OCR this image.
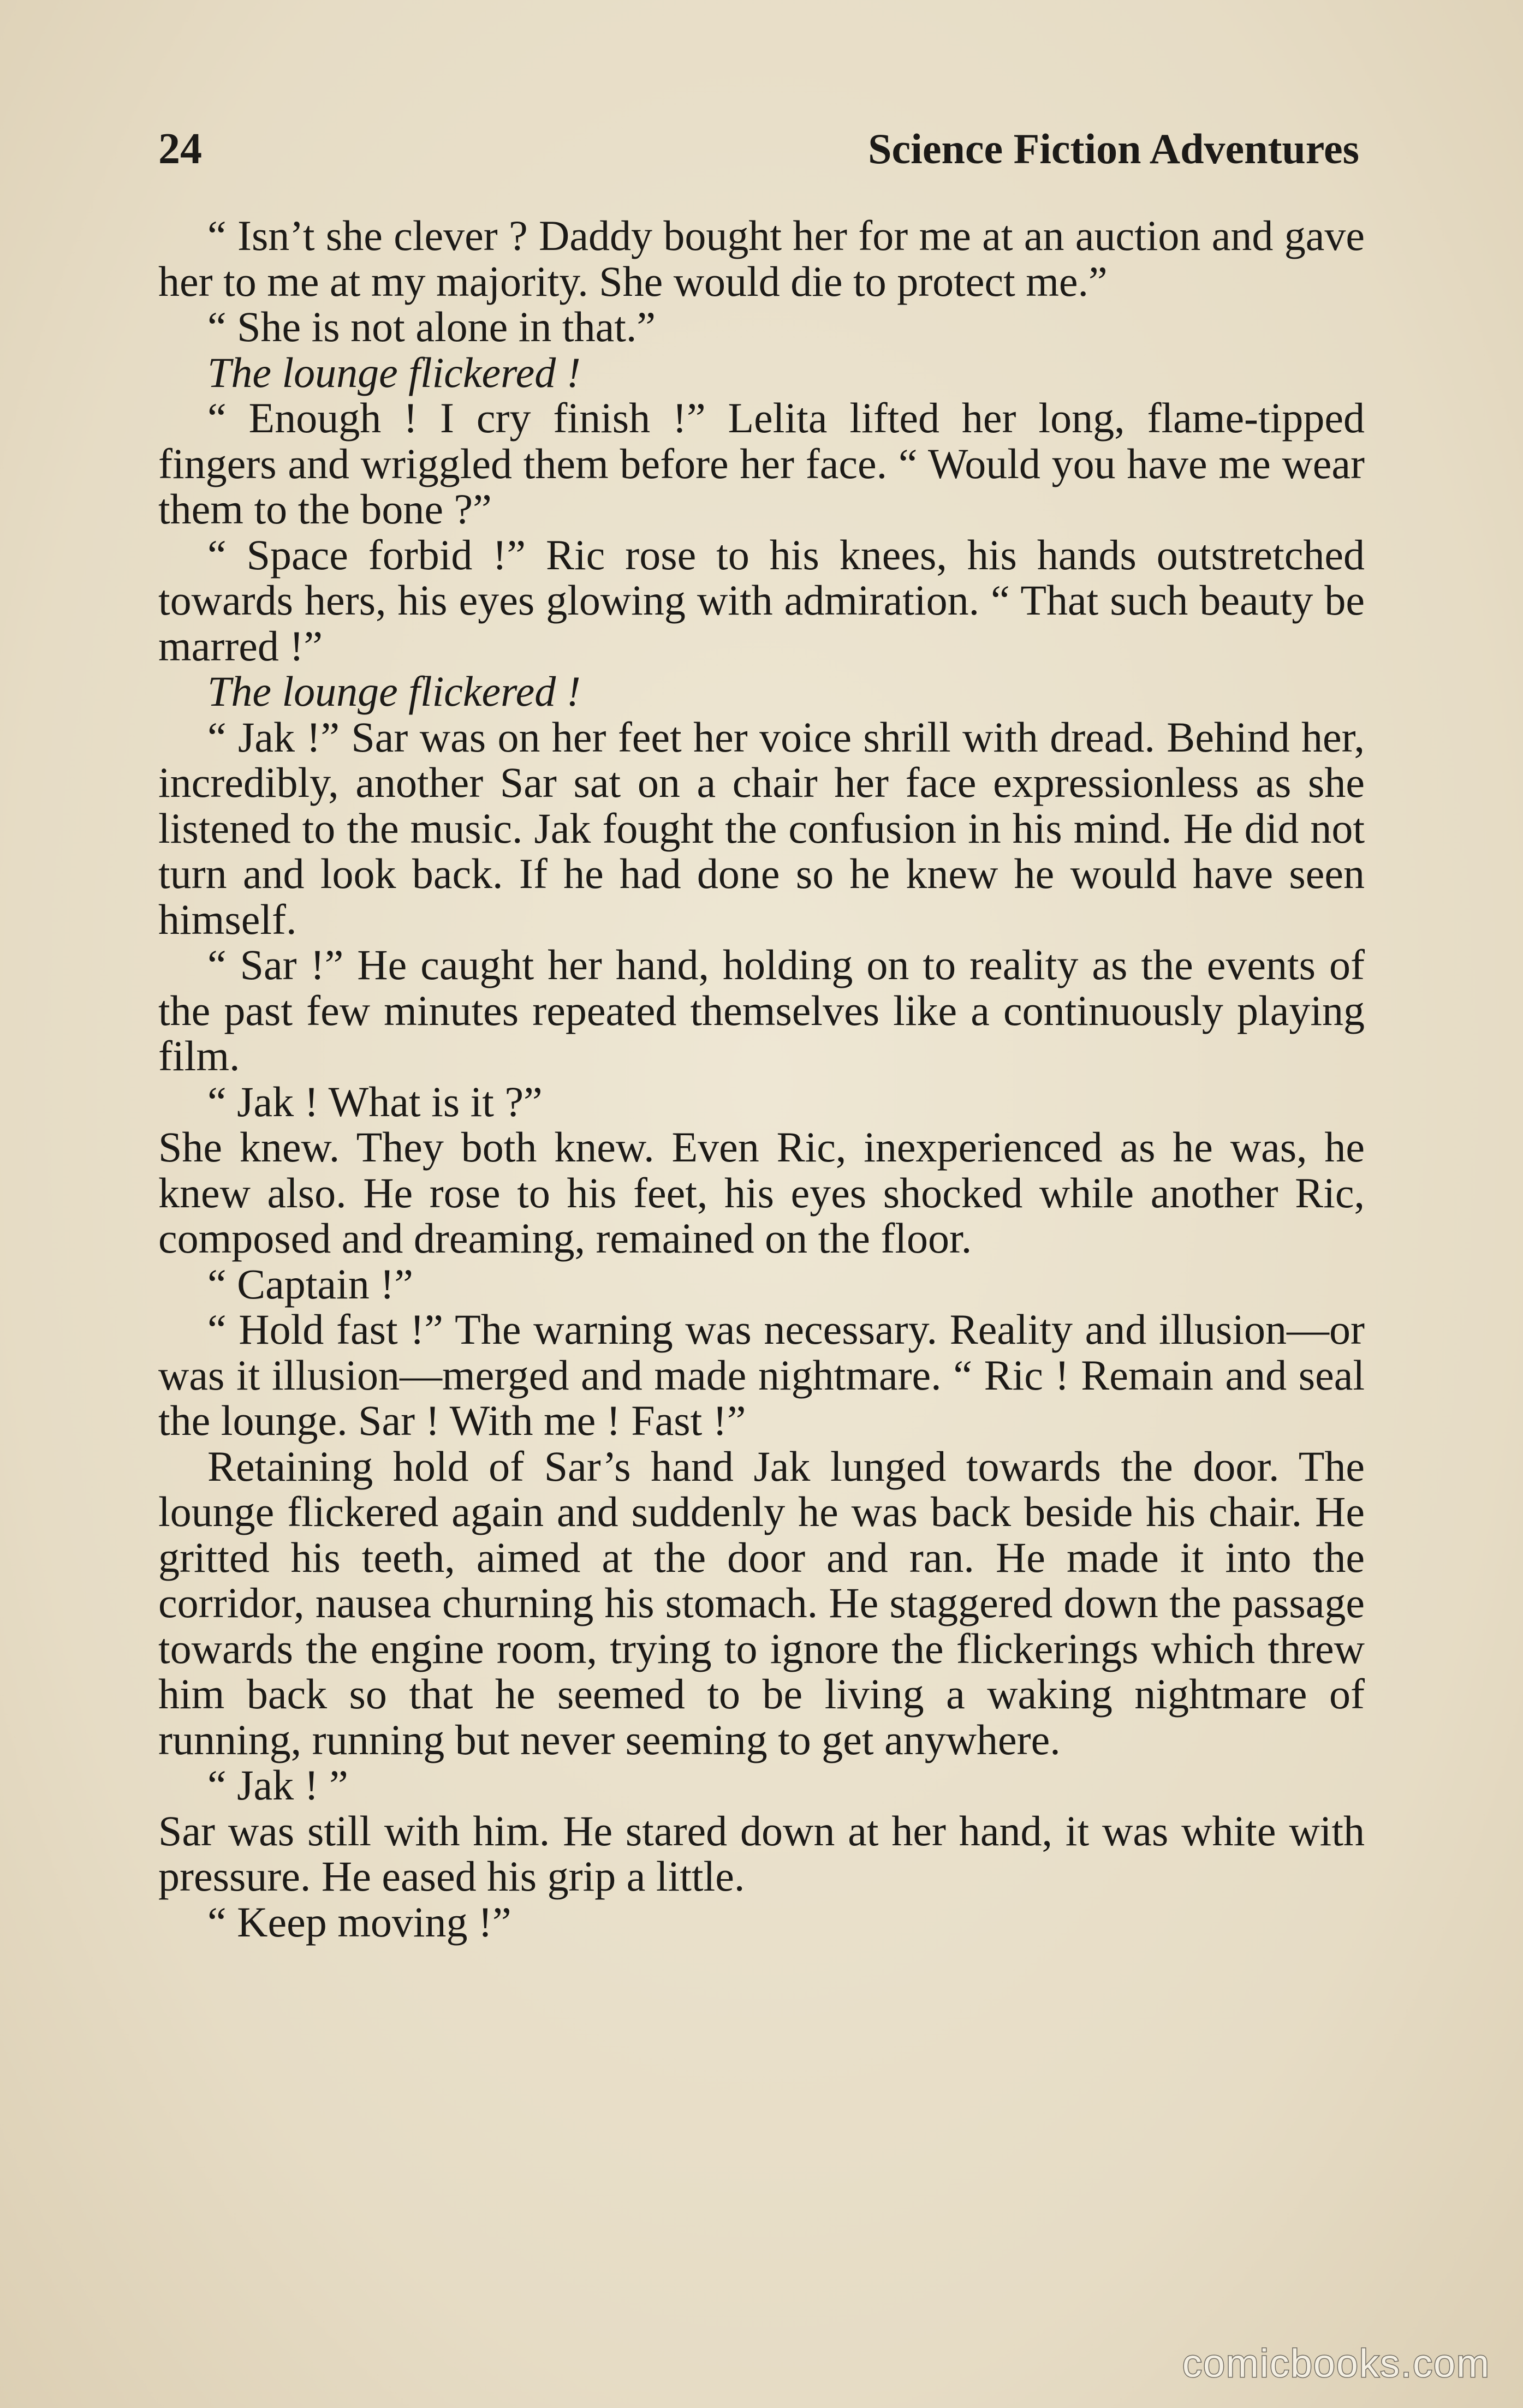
24	Science Fiction Adventures

“ Isn’t she clever ? Daddy bought her for me at an auction and gave her to me at my majority. She would die to protect me.”

“ She is not alone in that.”

The lounge flickered !

“ Enough ! I cry finish !” Lelita lifted her long, flame-tipped fingers and wriggled them before her face. “ Would you have me wear them to the bone ?”

“ Space forbid !” Ric rose to his knees, his hands outstretched towards hers, his eyes glowing with admiration. “ That such beauty be marred !”

The lounge flickered !

“ Jak !” Sar was on her feet her voice shrill with dread. Behind her, incredibly, another Sar sat on a chair her face expressionless as she listened to the music. Jak fought the confusion in his mind. He did not turn and look back. If he had done so he knew he would have seen himself.

“ Sar !” He caught her hand, holding on to reality as the events of the past few minutes repeated themselves like a continuously playing film.

“ Jak ! What is it ?”

She knew. They both knew. Even Ric, inexperienced as he was, he knew also. He rose to his feet, his eyes shocked while another Ric, composed and dreaming, remained on the floor.

“ Captain !”

“ Hold fast !” The warning was necessary. Reality and illusion—or was it illusion—merged and made nightmare. “ Ric ! Remain and seal the lounge. Sar ! With me ! Fast !”

Retaining hold of Sar’s hand Jak lunged towards the door. The lounge flickered again and suddenly he was back beside his chair. He gritted his teeth, aimed at the door and ran. He made it into the corridor, nausea churning his stomach. He staggered down the passage towards the engine room, trying to ignore the flickerings which threw him back so that he seemed to be living a waking nightmare of running, running but never seeming to get anywhere.

“ Jak ! ”

Sar was still with him. He stared down at her hand, it was white with pressure. He eased his grip a little.

“ Keep moving !”

comicbooks.com
